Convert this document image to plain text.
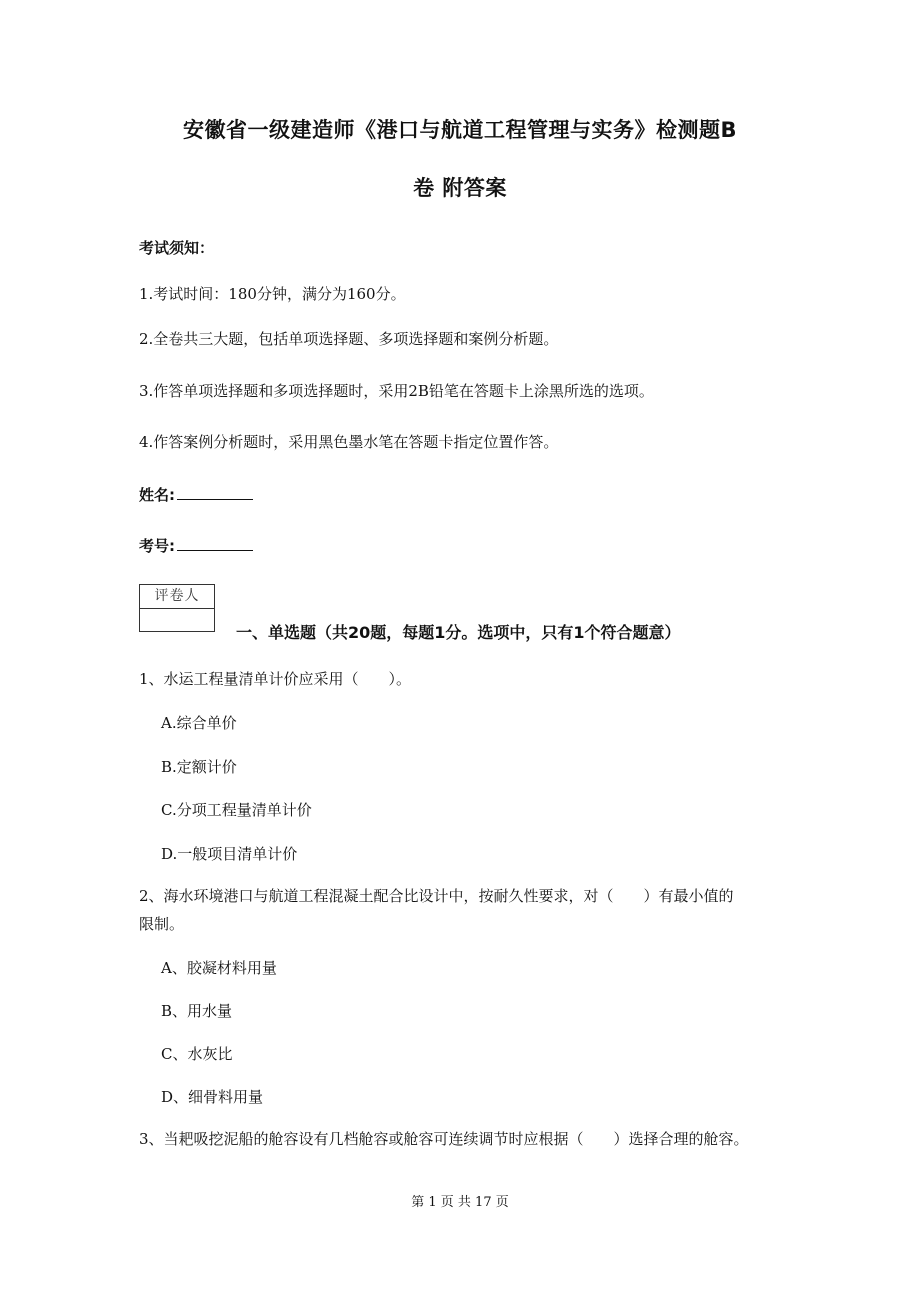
安徽省一级建造师《港口与航道工程管理与实务》检测题B
卷 附答案
考试须知：
1.考试时间：180分钟，满分为160分。
2.全卷共三大题，包括单项选择题、多项选择题和案例分析题。
3.作答单项选择题和多项选择题时，采用2B铅笔在答题卡上涂黑所选的选项。
4.作答案例分析题时，采用黑色墨水笔在答题卡指定位置作答。
姓名:
考号:
评卷人
一、单选题（共20题，每题1分。选项中，只有1个符合题意）
1、水运工程量清单计价应采用（　　）。
A.综合单价
B.定额计价
C.分项工程量清单计价
D.一般项目清单计价
2、海水环境港口与航道工程混凝土配合比设计中，按耐久性要求，对（　　）有最小值的
限制。
A、胶凝材料用量
B、用水量
C、水灰比
D、细骨料用量
3、当耙吸挖泥船的舱容设有几档舱容或舱容可连续调节时应根据（　　）选择合理的舱容。
第 1 页 共 17 页
